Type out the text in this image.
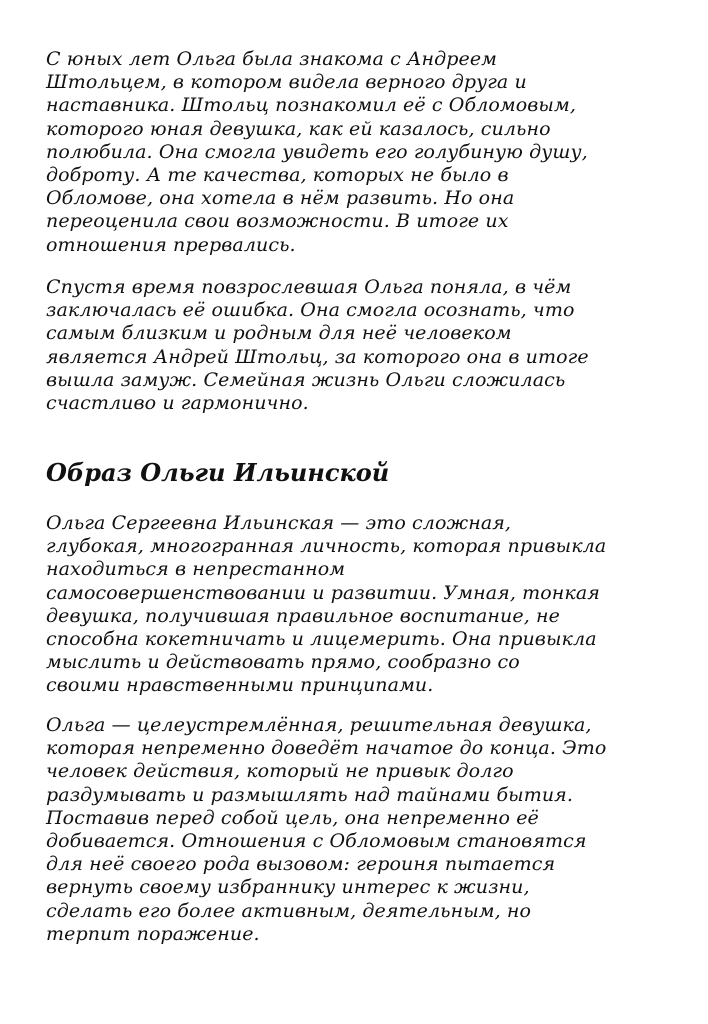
С юных лет Ольга была знакома с Андреем
Штольцем, в котором видела верного друга и
наставника. Штольц познакомил её с Обломовым,
которого юная девушка, как ей казалось, сильно
полюбила. Она смогла увидеть его голубиную душу,
доброту. А те качества, которых не было в
Обломове, она хотела в нём развить. Но она
переоценила свои возможности. В итоге их
отношения прервались.

Спустя время повзрослевшая Ольга поняла, в чём
заключалась её ошибка. Она смогла осознать, что
самым близким и родным для неё человеком
является Андрей Штольц, за которого она в итоге
вышла замуж. Семейная жизнь Ольги сложилась
счастливо и гармонично.

Образ Ольги Ильинской

Ольга Сергеевна Ильинская — это сложная,
глубокая, многогранная личность, которая привыкла
находиться в непрестанном
самосовершенствовании и развитии. Умная, тонкая
девушка, получившая правильное воспитание, не
способна кокетничать и лицемерить. Она привыкла
мыслить и действовать прямо, сообразно со
своими нравственными принципами.

Ольга — целеустремлённая, решительная девушка,
которая непременно доведёт начатое до конца. Это
человек действия, который не привык долго
раздумывать и размышлять над тайнами бытия.
Поставив перед собой цель, она непременно её
добивается. Отношения с Обломовым становятся
для неё своего рода вызовом: героиня пытается
вернуть своему избраннику интерес к жизни,
сделать его более активным, деятельным, но
терпит поражение.
